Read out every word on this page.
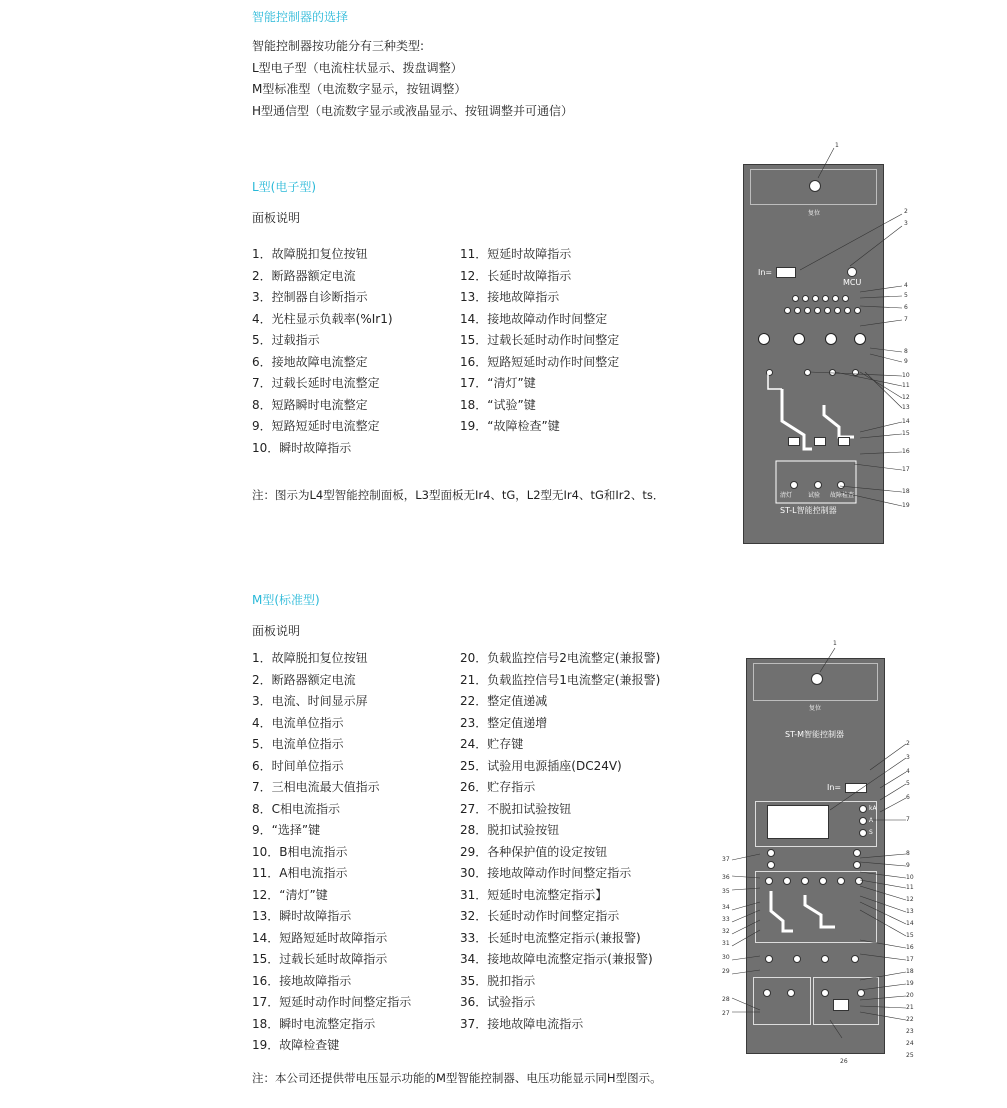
智能控制器的选择
智能控制器按功能分有三种类型:
L型电子型（电流柱状显示、拨盘调整）
M型标准型（电流数字显示，按钮调整）
H型通信型（电流数字显示或液晶显示、按钮调整并可通信）
L型(电子型)
面板说明
1．故障脱扣复位按钮
2．断路器额定电流
3．控制器自诊断指示
4．光柱显示负载率(%Ir1)
5．过载指示
6．接地故障电流整定
7．过载长延时电流整定
8．短路瞬时电流整定
9．短路短延时电流整定
10．瞬时故障指示
11．短延时故障指示
12．长延时故障指示
13．接地故障指示
14．接地故障动作时间整定
15．过载长延时动作时间整定
16．短路短延时动作时间整定
17．“清灯”键
18．“试验”键
19．“故障检查”键
注：图示为L4型智能控制面板，L3型面板无Ir4、tG，L2型无Ir4、tG和Ir2、ts．
复位
In=
MCU
清灯	试验 故障检查
ST-L智能控制器
1
2
3
4
5
6
7
8
9
10
11
12
13
14
15
16
17
18
19
M型(标准型)
面板说明
1．故障脱扣复位按钮
2．断路器额定电流
3．电流、时间显示屏
4．电流单位指示
5．电流单位指示
6．时间单位指示
7．三相电流最大值指示
8．C相电流指示
9．“选择”键
10．B相电流指示
11．A相电流指示
12．“清灯”键
13．瞬时故障指示
14．短路短延时故障指示
15．过载长延时故障指示
16．接地故障指示
17．短延时动作时间整定指示
18．瞬时电流整定指示
19．故障检查键
20．负载监控信号2电流整定(兼报警)
21．负载监控信号1电流整定(兼报警)
22．整定值递减
23．整定值递增
24．贮存键
25．试验用电源插座(DC24V)
26．贮存指示
27．不脱扣试验按钮
28．脱扣试验按钮
29．各种保护值的设定按钮
30．接地故障动作时间整定指示
31．短延时电流整定指示】
32．长延时动作时间整定指示
33．长延时电流整定指示(兼报警)
34．接地故障电流整定指示(兼报警)
35．脱扣指示
36．试验指示
37．接地故障电流指示
注：本公司还提供带电压显示功能的M型智能控制器、电压功能显示同H型图示。
复位
ST-M智能控制器
In=
kA
A
S
1
2
3
4
5
6
7
8
9
10
11
12
13
14
15
16
17
18
19
20
21
22
23
24
25
26
27
28
29
30
31
32
33
34
35
36
37
